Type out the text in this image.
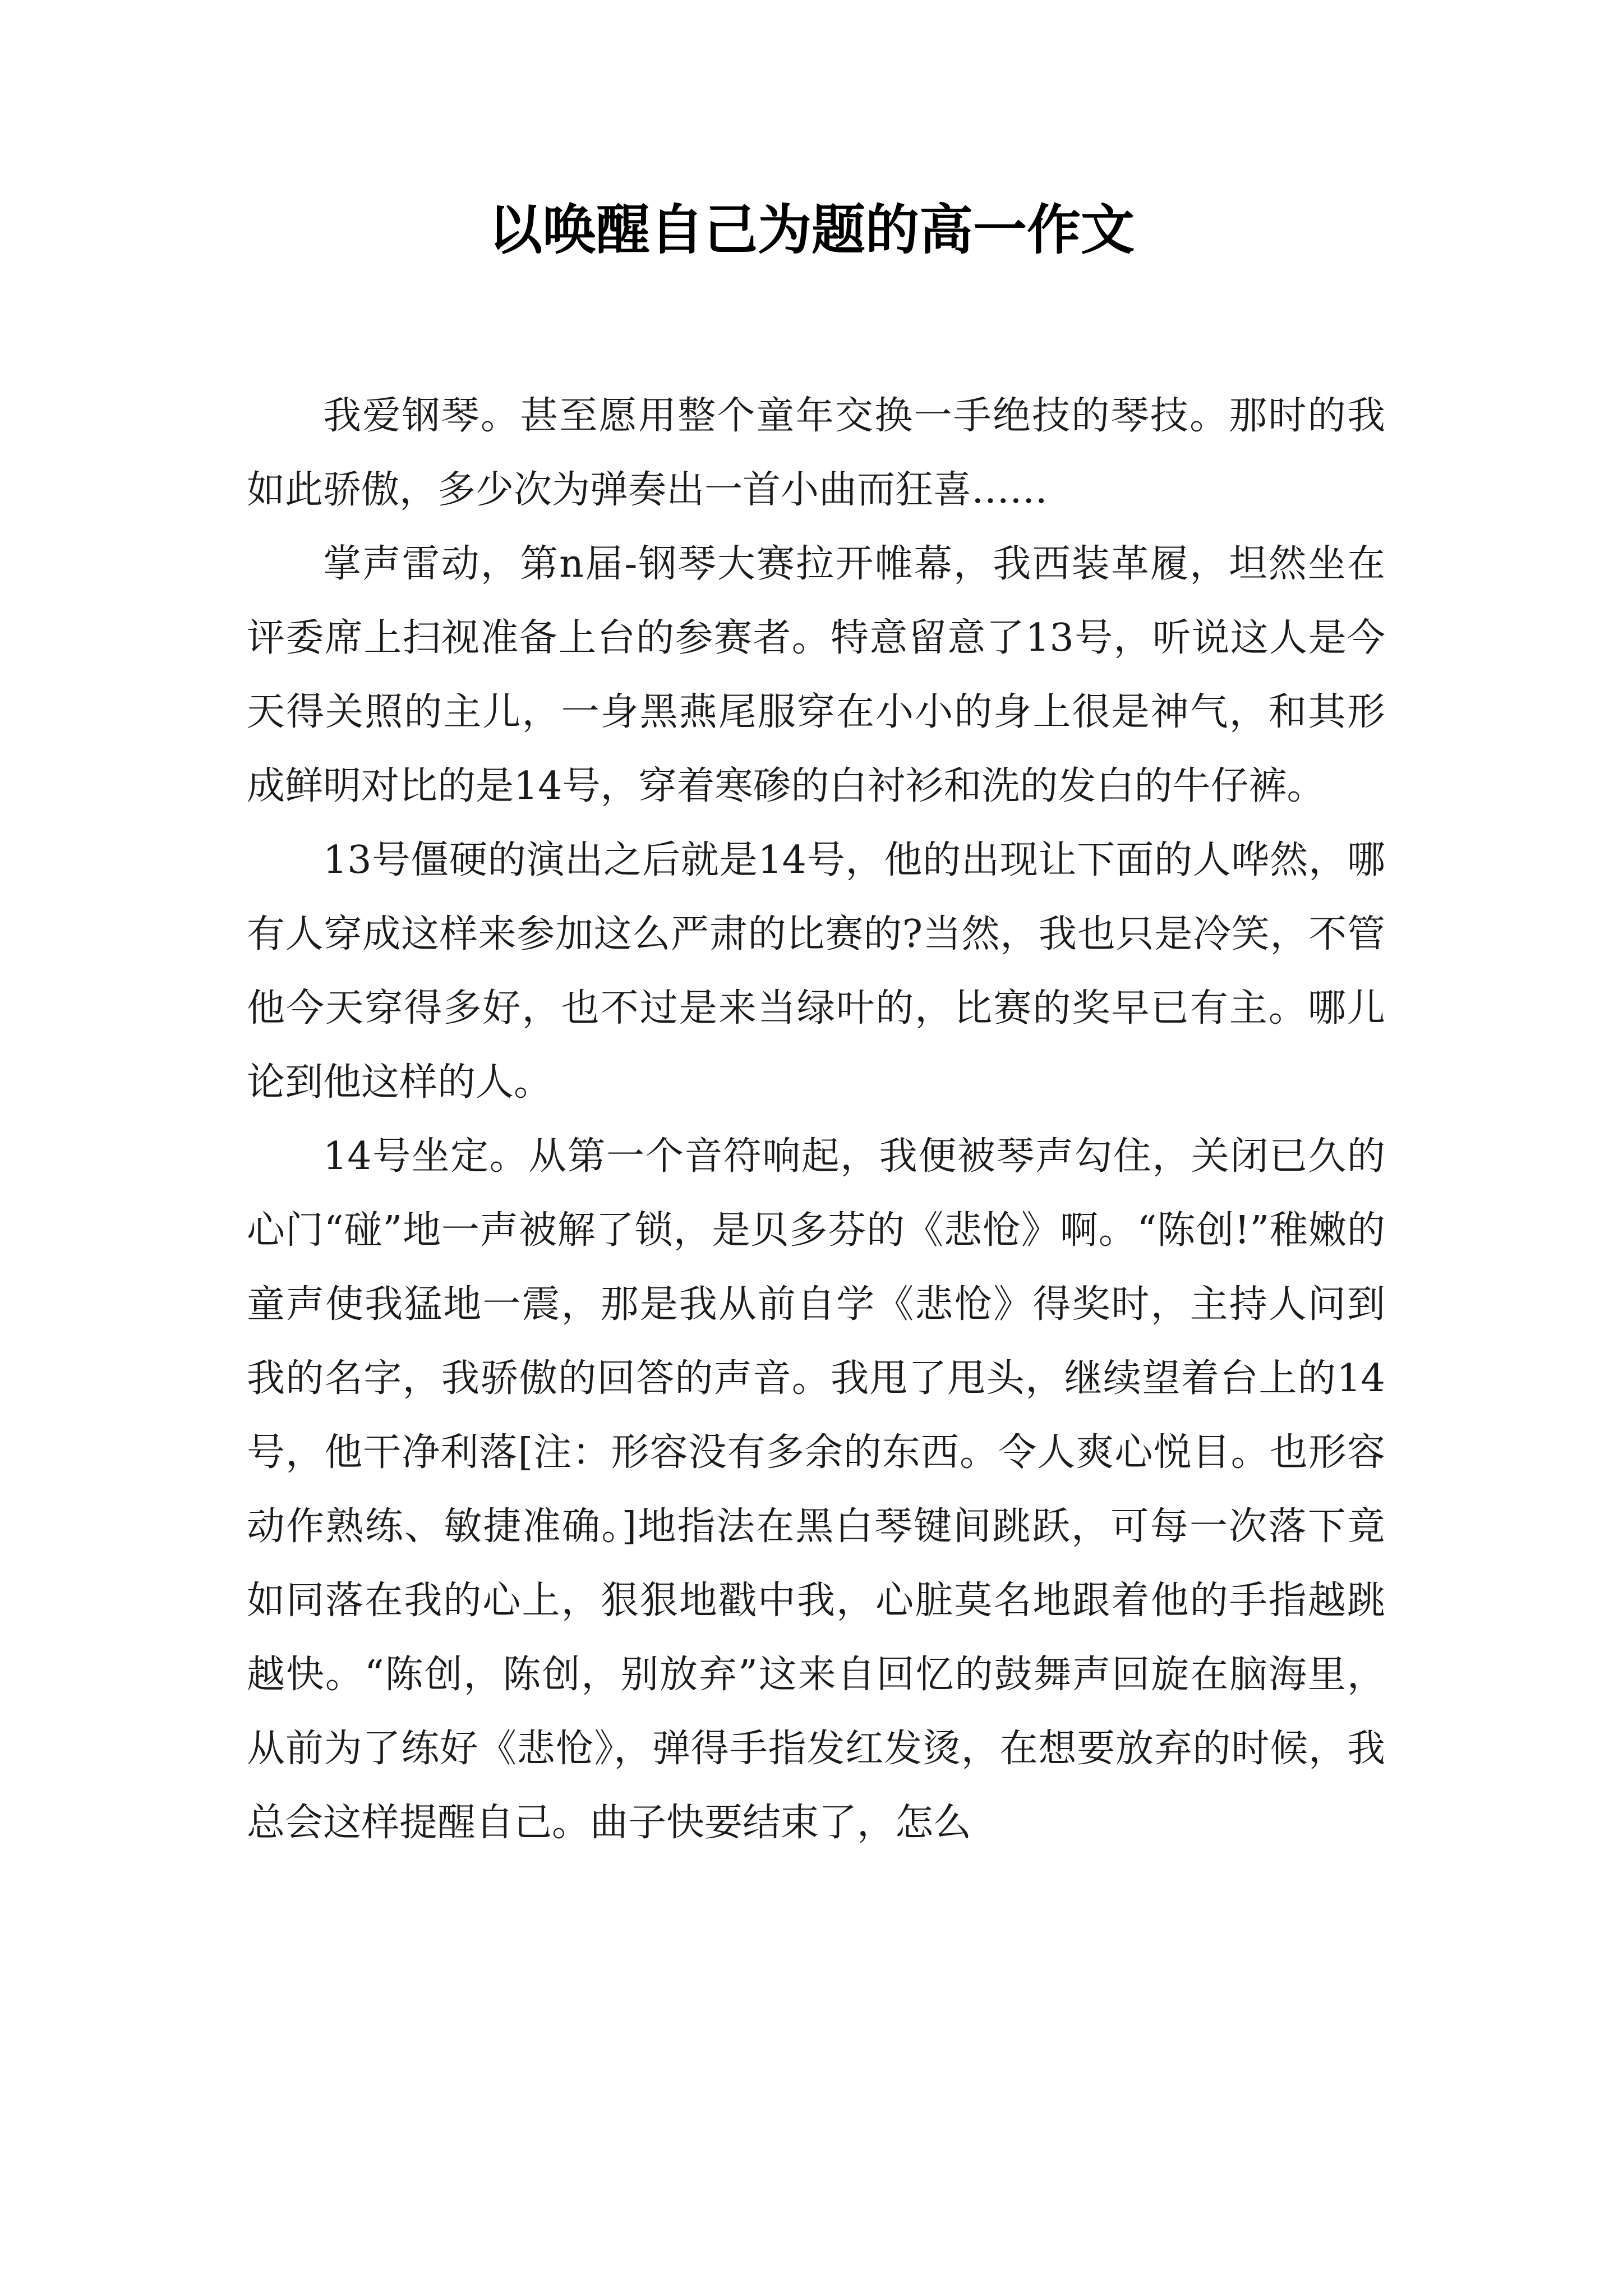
以唤醒自己为题的高一作文

我爱钢琴。甚至愿用整个童年交换一手绝技的琴技。那时的我如此骄傲，多少次为弹奏出一首小曲而狂喜……

掌声雷动，第n届-钢琴大赛拉开帷幕，我西装革履，坦然坐在评委席上扫视准备上台的参赛者。特意留意了13号，听说这人是今天得关照的主儿，一身黑燕尾服穿在小小的身上很是神气，和其形成鲜明对比的是14号，穿着寒碜的白衬衫和洗的发白的牛仔裤。

13号僵硬的演出之后就是14号，他的出现让下面的人哗然，哪有人穿成这样来参加这么严肃的比赛的?当然，我也只是冷笑，不管他今天穿得多好，也不过是来当绿叶的，比赛的奖早已有主。哪儿论到他这样的人。

14号坐定。从第一个音符响起，我便被琴声勾住，关闭已久的心门“碰”地一声被解了锁，是贝多芬的《悲怆》啊。“陈创!”稚嫩的童声使我猛地一震，那是我从前自学《悲怆》得奖时，主持人问到我的名字，我骄傲的回答的声音。我甩了甩头，继续望着台上的14号，他干净利落[注：形容没有多余的东西。令人爽心悦目。也形容动作熟练、敏捷准确。]地指法在黑白琴键间跳跃，可每一次落下竟如同落在我的心上，狠狠地戳中我，心脏莫名地跟着他的手指越跳越快。“陈创，陈创，别放弃”这来自回忆的鼓舞声回旋在脑海里，从前为了练好《悲怆》，弹得手指发红发烫，在想要放弃的时候，我总会这样提醒自己。曲子快要结束了，怎么
